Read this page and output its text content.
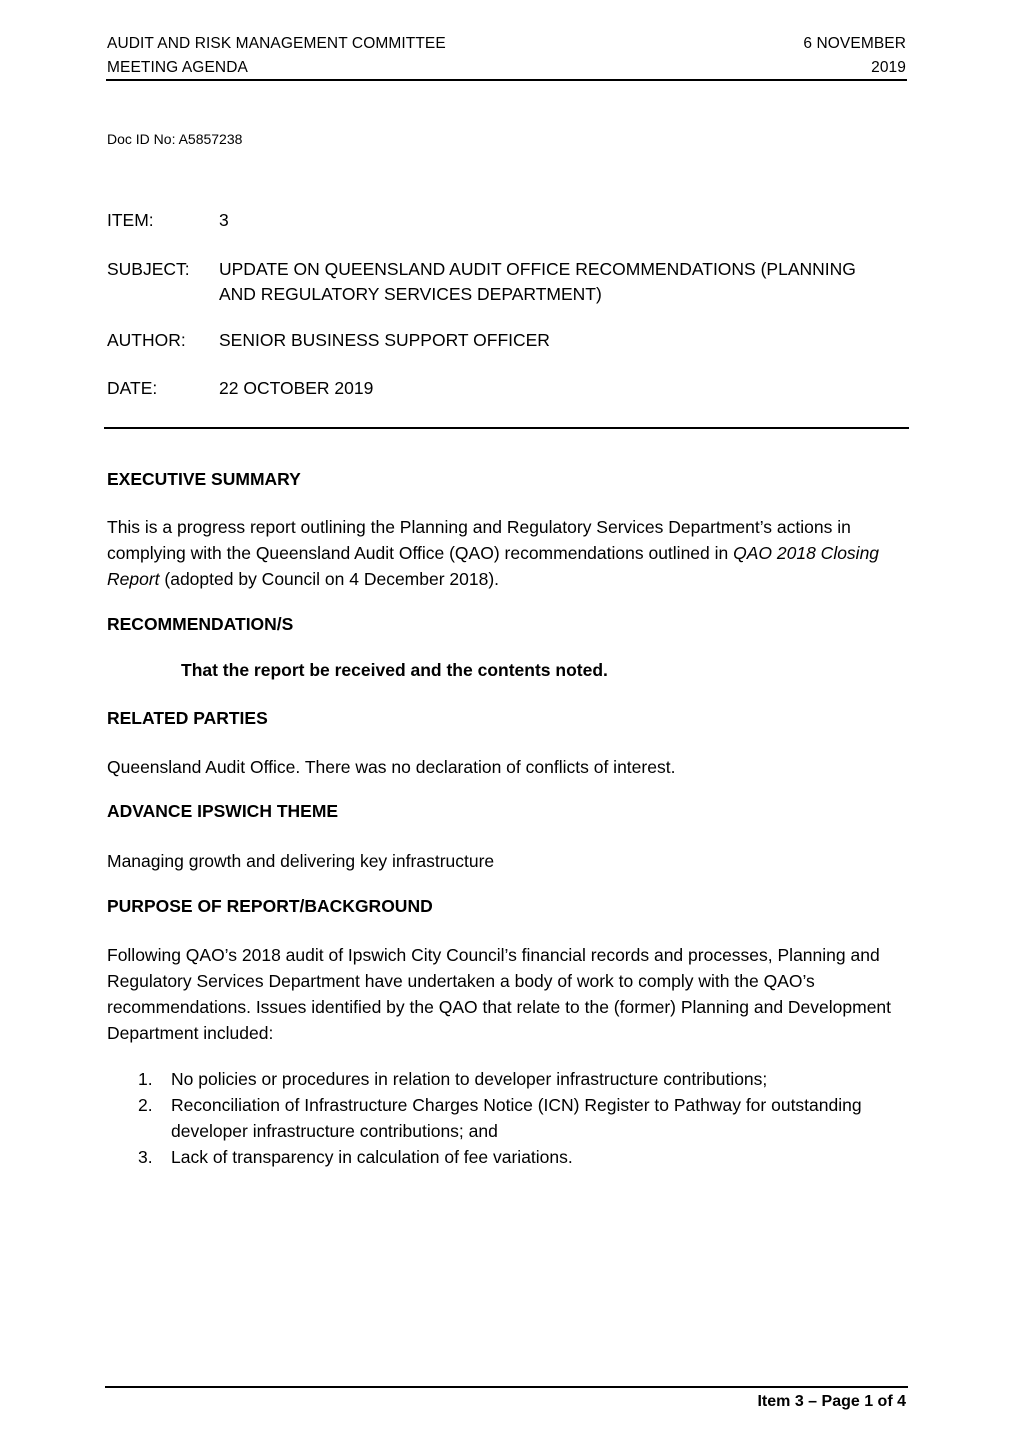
AUDIT AND RISK MANAGEMENT COMMITTEE
MEETING AGENDA
6 NOVEMBER
2019
Doc ID No: A5857238
ITEM:	3
SUBJECT: UPDATE ON QUEENSLAND AUDIT OFFICE RECOMMENDATIONS (PLANNING
AND REGULATORY SERVICES DEPARTMENT)
AUTHOR: SENIOR BUSINESS SUPPORT OFFICER
DATE:	22 OCTOBER 2019
EXECUTIVE SUMMARY
This is a progress report outlining the Planning and Regulatory Services Department’s actions in complying with the Queensland Audit Office (QAO) recommendations outlined in QAO 2018 Closing Report (adopted by Council on 4 December 2018).
RECOMMENDATION/S
That the report be received and the contents noted.
RELATED PARTIES
Queensland Audit Office. There was no declaration of conflicts of interest.
ADVANCE IPSWICH THEME
Managing growth and delivering key infrastructure
PURPOSE OF REPORT/BACKGROUND
Following QAO’s 2018 audit of Ipswich City Council’s financial records and processes, Planning and Regulatory Services Department have undertaken a body of work to comply with the QAO’s recommendations. Issues identified by the QAO that relate to the (former) Planning and Development Department included:
1. No policies or procedures in relation to developer infrastructure contributions;
2. Reconciliation of Infrastructure Charges Notice (ICN) Register to Pathway for outstanding developer infrastructure contributions; and
3. Lack of transparency in calculation of fee variations.
Item 3 – Page 1 of 4
